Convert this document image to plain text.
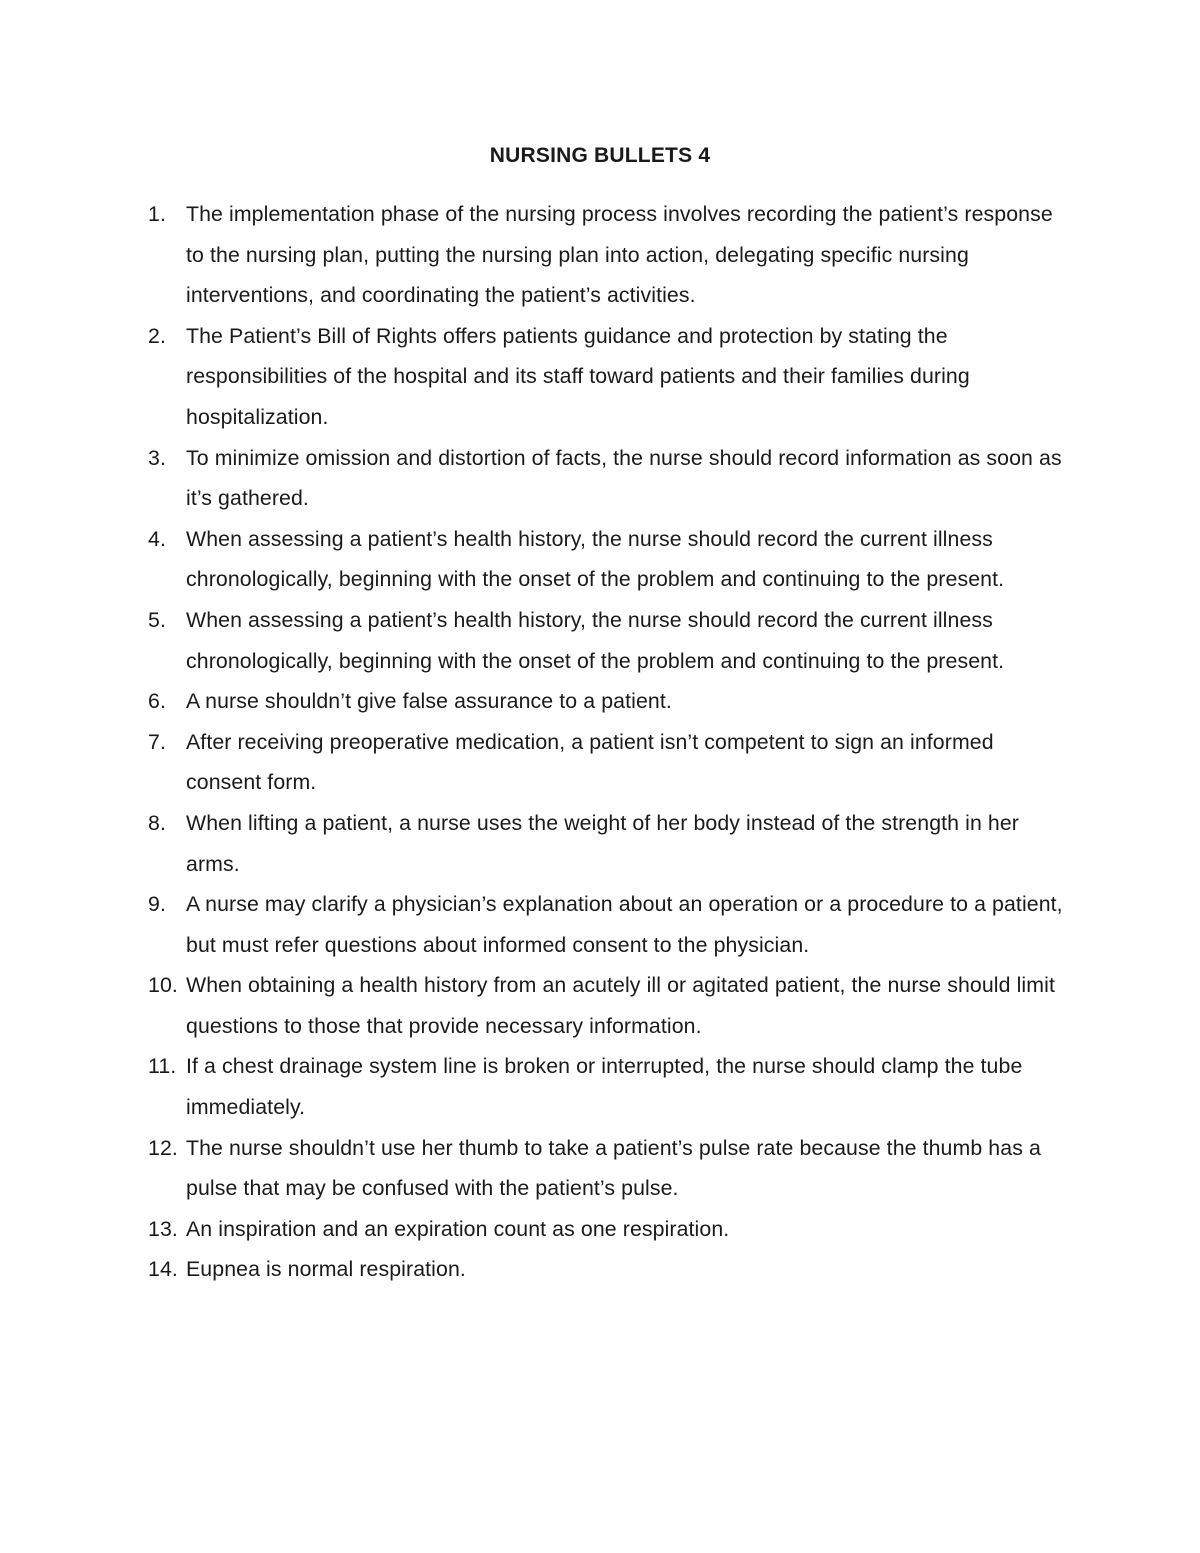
NURSING BULLETS 4
1. The implementation phase of the nursing process involves recording the patient’s response to the nursing plan, putting the nursing plan into action, delegating specific nursing interventions, and coordinating the patient’s activities.
2. The Patient’s Bill of Rights offers patients guidance and protection by stating the responsibilities of the hospital and its staff toward patients and their families during hospitalization.
3. To minimize omission and distortion of facts, the nurse should record information as soon as it’s gathered.
4. When assessing a patient’s health history, the nurse should record the current illness chronologically, beginning with the onset of the problem and continuing to the present.
5. When assessing a patient’s health history, the nurse should record the current illness chronologically, beginning with the onset of the problem and continuing to the present.
6. A nurse shouldn’t give false assurance to a patient.
7. After receiving preoperative medication, a patient isn’t competent to sign an informed consent form.
8. When lifting a patient, a nurse uses the weight of her body instead of the strength in her arms.
9. A nurse may clarify a physician’s explanation about an operation or a procedure to a patient, but must refer questions about informed consent to the physician.
10. When obtaining a health history from an acutely ill or agitated patient, the nurse should limit questions to those that provide necessary information.
11. If a chest drainage system line is broken or interrupted, the nurse should clamp the tube immediately.
12. The nurse shouldn’t use her thumb to take a patient’s pulse rate because the thumb has a pulse that may be confused with the patient’s pulse.
13. An inspiration and an expiration count as one respiration.
14. Eupnea is normal respiration.
